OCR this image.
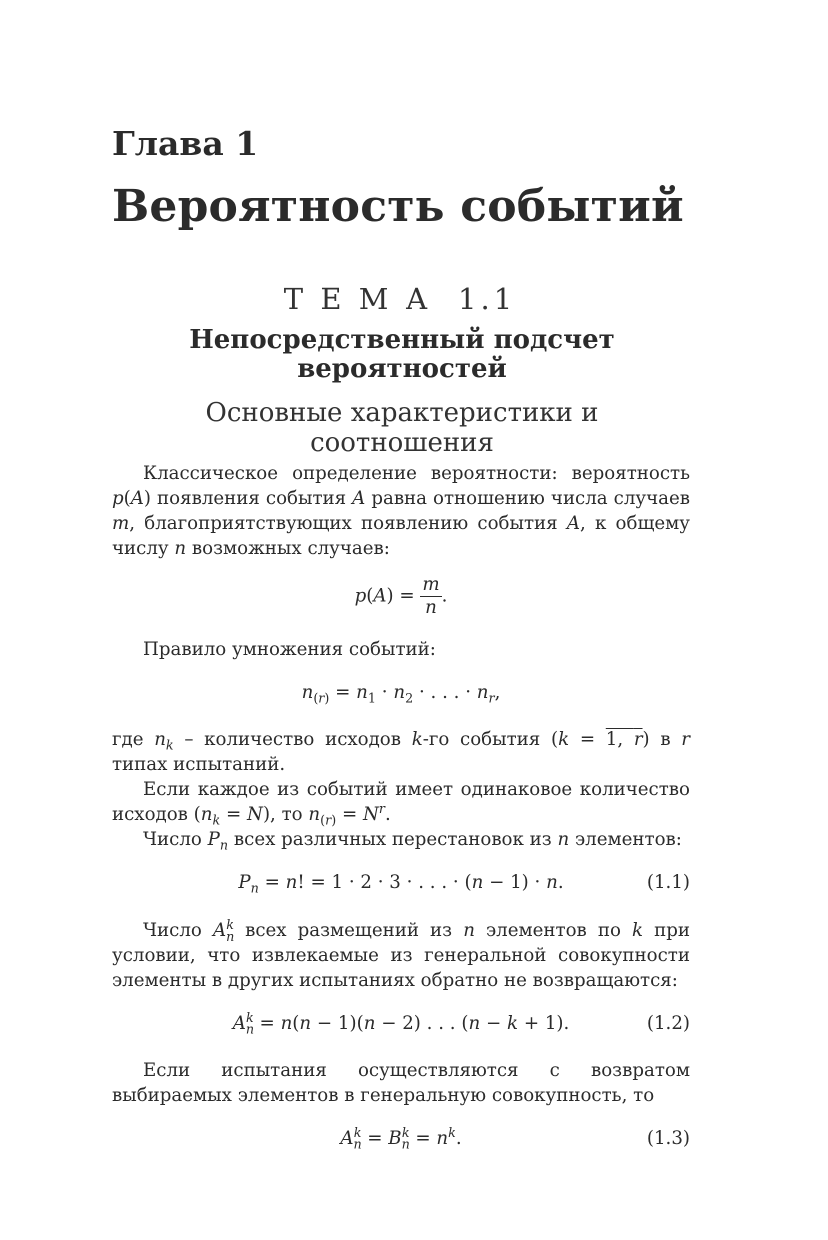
Глава 1
Вероятность событий
Т Е М А  1.1
Непосредственный подсчет
вероятностей
Основные характеристики и соотношения
Классическое определение вероятности: вероятность p(A) появления события A равна отношению числа случаев m, благоприятствующих появлению события A, к общему числу n возможных случаев:
$p(A) = \frac{m}{n}$ .
Правило умножения событий:
$n_{(r)} = n_1 \cdot n_2$ · . . . · $n_r$,
где $n_k$ – количество исходов k-го события (k = 1, r) в r типах испытаний.
Если каждое из событий имеет одинаковое количество исходов $(n_k = N)$, то $n_{(r)} = N^r$.
Число $P_n$ всех различных перестановок из n элементов:
$P_n = n$! = 1 · 2 · 3 · . . . · (n − 1) · n.	(1.1)
Число $A_n^k$ всех размещений из n элементов по k при условии, что извлекаемые из генеральной совокупности элементы в других испытаниях обратно не возвращаются:
$A_n^k = n(n - 1)(n - 2)$ . . . (n − k + 1).	(1.2)
Если испытания осуществляются с возвратом выбираемых элементов в генеральную совокупность, то
$A_n^k = B_n^k = n^k$.	(1.3)
